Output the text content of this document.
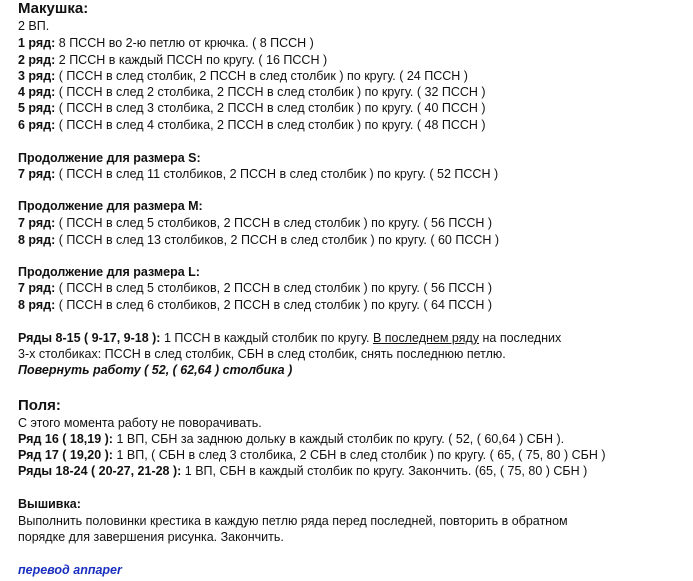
Макушка:
2 ВП.
1 ряд: 8 ПССН во 2-ю петлю от крючка. ( 8 ПССН )
2 ряд: 2 ПССН в каждый ПССН по кругу. ( 16 ПССН )
3 ряд: ( ПССН в след столбик, 2 ПССН в след столбик ) по кругу. ( 24 ПССН )
4 ряд: ( ПССН в след 2 столбика, 2 ПССН в след столбик ) по кругу. ( 32 ПССН )
5 ряд: ( ПССН в след 3 столбика, 2 ПССН в след столбик ) по кругу. ( 40 ПССН )
6 ряд: ( ПССН в след 4 столбика, 2 ПССН в след столбик ) по кругу. ( 48 ПССН )
Продолжение для размера S:
7 ряд: ( ПССН в след 11 столбиков, 2 ПССН в след столбик ) по кругу. ( 52 ПССН )
Продолжение для размера M:
7 ряд: ( ПССН в след 5 столбиков, 2 ПССН в след столбик ) по кругу. ( 56 ПССН )
8 ряд: ( ПССН в след 13 столбиков, 2 ПССН в след столбик ) по кругу. ( 60 ПССН )
Продолжение для размера L:
7 ряд: ( ПССН в след 5 столбиков, 2 ПССН в след столбик ) по кругу. ( 56 ПССН )
8 ряд: ( ПССН в след 6 столбиков, 2 ПССН в след столбик ) по кругу. ( 64 ПССН )
Ряды 8-15 ( 9-17, 9-18 ): 1 ПССН в каждый столбик по кругу. В последнем ряду на последних
3-х столбиках: ПССН в след столбик, СБН в след столбик, снять последнюю петлю.
Повернуть работу ( 52, ( 62,64 ) столбика )
Поля:
С этого момента работу не поворачивать.
Ряд 16 ( 18,19 ): 1 ВП, СБН за заднюю дольку в каждый столбик по кругу. ( 52, ( 60,64 ) СБН ).
Ряд 17 ( 19,20 ): 1 ВП, ( СБН в след 3 столбика, 2 СБН в след столбик ) по кругу. ( 65, ( 75, 80 ) СБН )
Ряды 18-24 ( 20-27, 21-28 ): 1 ВП, СБН в каждый столбик по кругу. Закончить. (65, ( 75, 80 ) СБН )
Вышивка:
Выполнить половинки крестика в каждую петлю ряда перед последней, повторить в обратном
порядке для завершения рисунка. Закончить.
перевод anпaper
